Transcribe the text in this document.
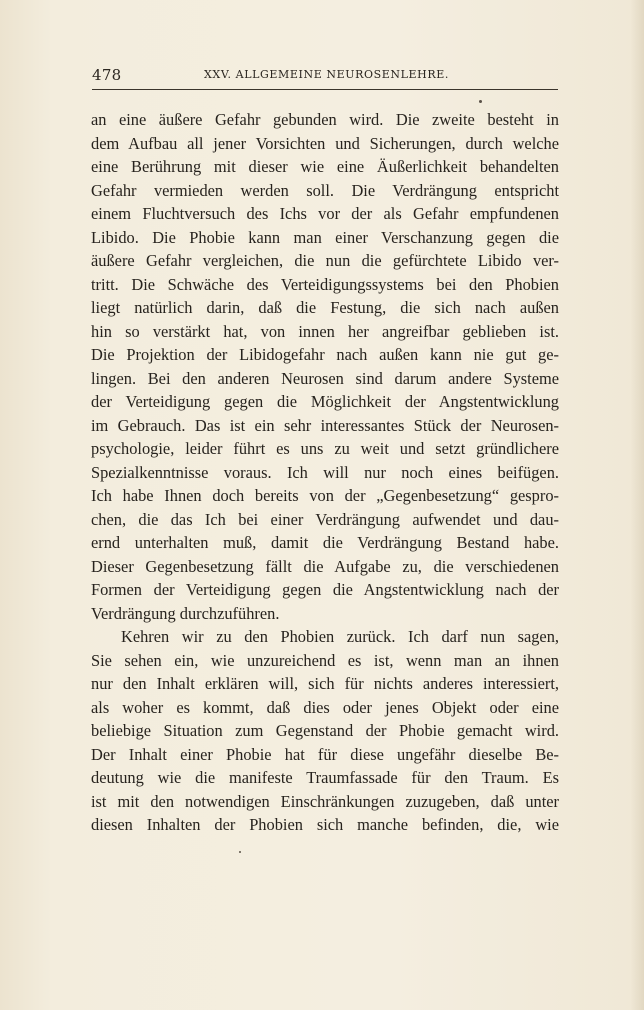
478	XXV. ALLGEMEINE NEUROSENLEHRE.
an eine äußere Gefahr gebunden wird. Die zweite besteht in
dem Aufbau all jener Vorsichten und Sicherungen, durch welche
eine Berührung mit dieser wie eine Äußerlichkeit behandelten
Gefahr vermieden werden soll. Die Verdrängung entspricht
einem Fluchtversuch des Ichs vor der als Gefahr empfundenen
Libido. Die Phobie kann man einer Verschanzung gegen die
äußere Gefahr vergleichen, die nun die gefürchtete Libido ver-
tritt. Die Schwäche des Verteidigungssystems bei den Phobien
liegt natürlich darin, daß die Festung, die sich nach außen
hin so verstärkt hat, von innen her angreifbar geblieben ist.
Die Projektion der Libidogefahr nach außen kann nie gut ge-
lingen. Bei den anderen Neurosen sind darum andere Systeme
der Verteidigung gegen die Möglichkeit der Angstentwicklung
im Gebrauch. Das ist ein sehr interessantes Stück der Neurosen-
psychologie, leider führt es uns zu weit und setzt gründlichere
Spezialkenntnisse voraus. Ich will nur noch eines beifügen.
Ich habe Ihnen doch bereits von der „Gegenbesetzung“ gespro-
chen, die das Ich bei einer Verdrängung aufwendet und dau-
ernd unterhalten muß, damit die Verdrängung Bestand habe.
Dieser Gegenbesetzung fällt die Aufgabe zu, die verschiedenen
Formen der Verteidigung gegen die Angstentwicklung nach der
Verdrängung durchzuführen.
Kehren wir zu den Phobien zurück. Ich darf nun sagen,
Sie sehen ein, wie unzureichend es ist, wenn man an ihnen
nur den Inhalt erklären will, sich für nichts anderes interessiert,
als woher es kommt, daß dies oder jenes Objekt oder eine
beliebige Situation zum Gegenstand der Phobie gemacht wird.
Der Inhalt einer Phobie hat für diese ungefähr dieselbe Be-
deutung wie die manifeste Traumfassade für den Traum. Es
ist mit den notwendigen Einschränkungen zuzugeben, daß unter
diesen Inhalten der Phobien sich manche befinden, die, wie
